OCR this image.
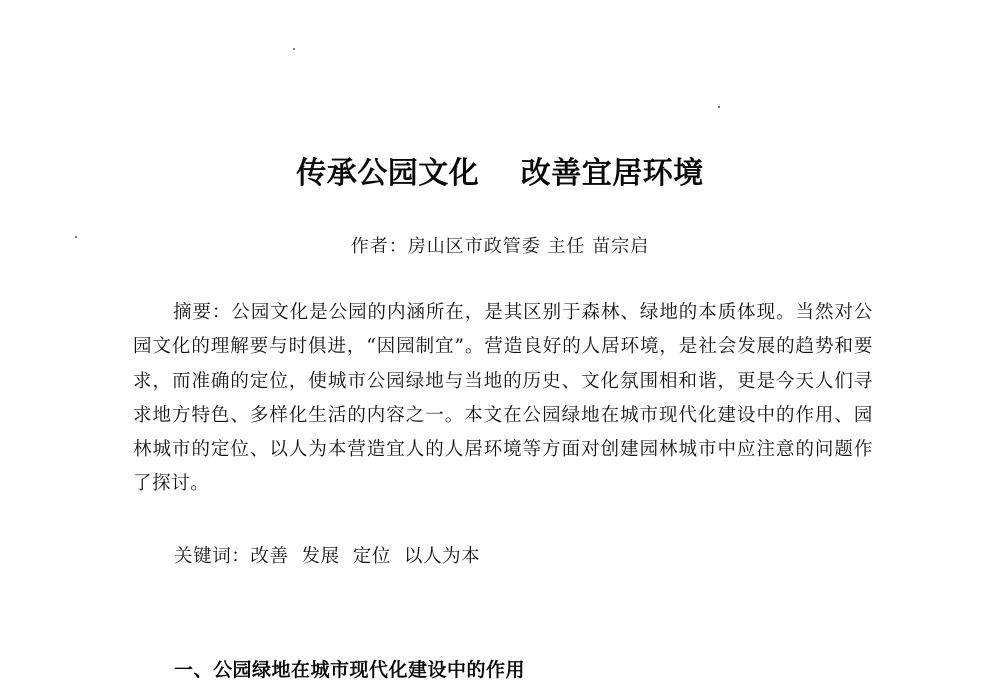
传承公园文化　 改善宜居环境
作者：房山区市政管委 主任 苗宗启
摘要：公园文化是公园的内涵所在，是其区别于森林、绿地的本质体现。当然对公园文化的理解要与时俱进，“因园制宜”。营造良好的人居环境，是社会发展的趋势和要求，而准确的定位，使城市公园绿地与当地的历史、文化氛围相和谐，更是今天人们寻求地方特色、多样化生活的内容之一。本文在公园绿地在城市现代化建设中的作用、园林城市的定位、以人为本营造宜人的人居环境等方面对创建园林城市中应注意的问题作了探讨。
关键词：改善  发展  定位  以人为本
一、公园绿地在城市现代化建设中的作用
